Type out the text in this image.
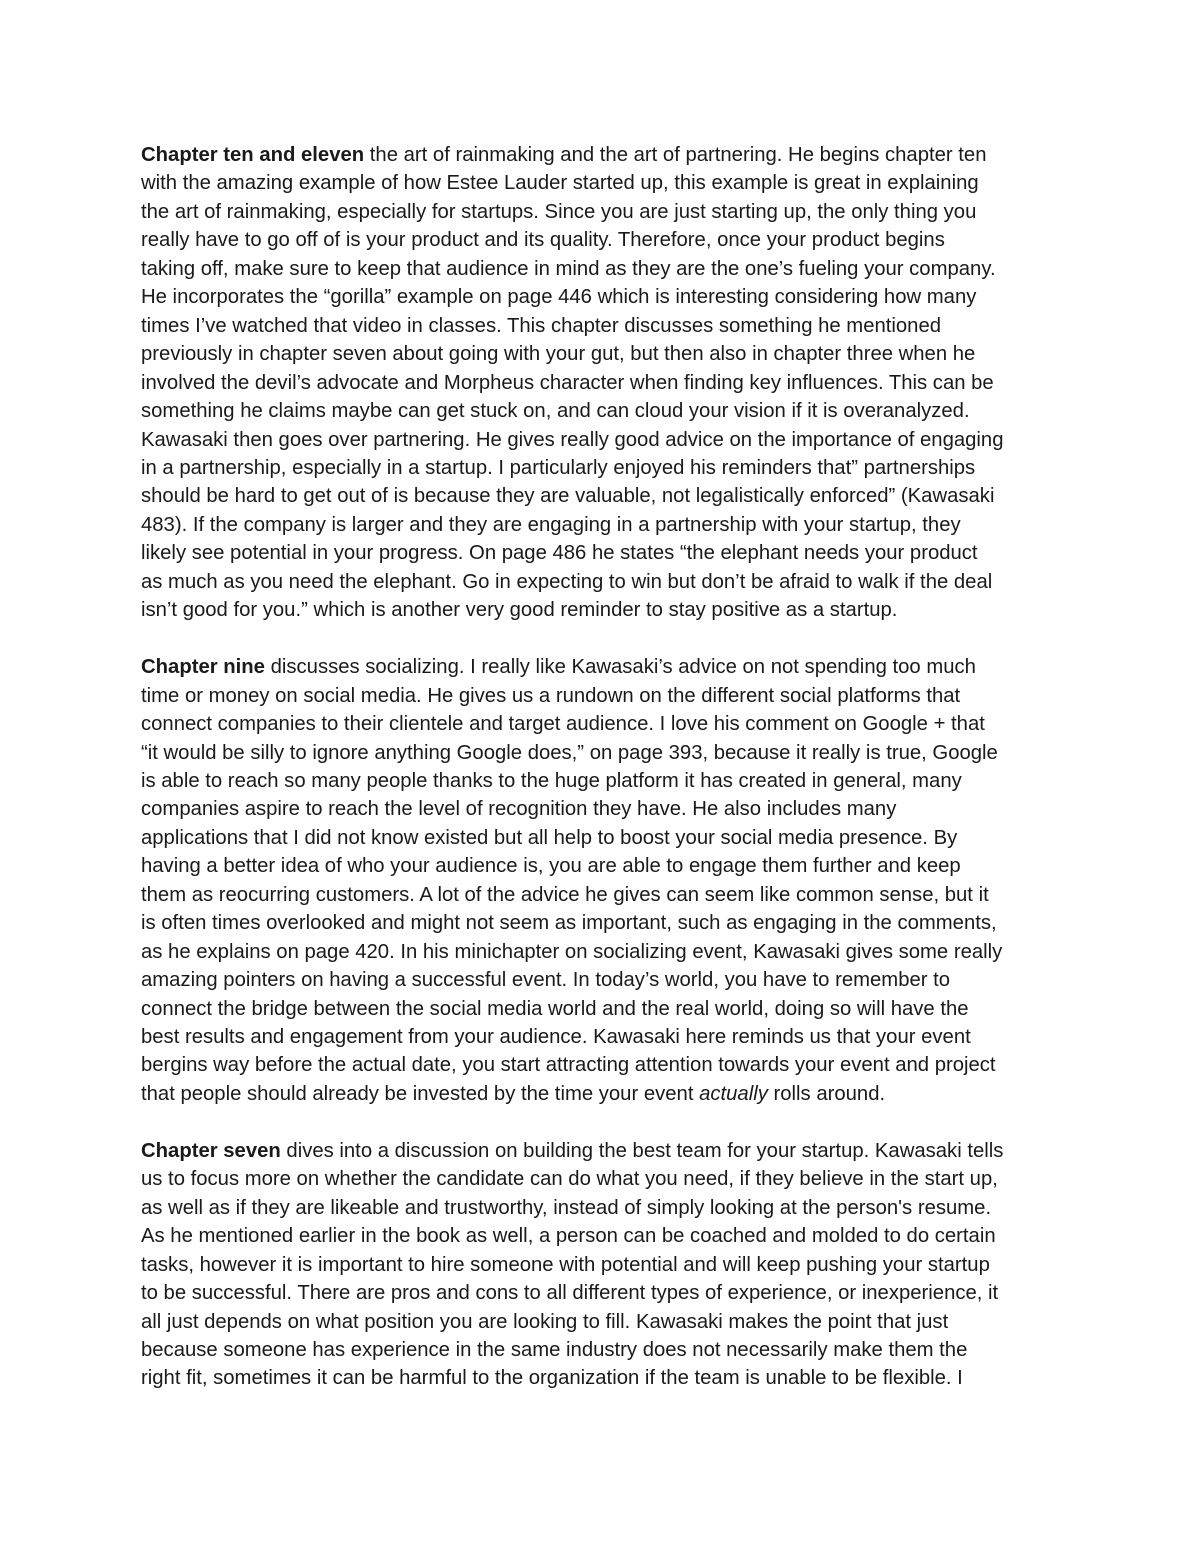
Chapter ten and eleven the art of rainmaking and the art of partnering. He begins chapter ten
with the amazing example of how Estee Lauder started up, this example is great in explaining
the art of rainmaking, especially for startups. Since you are just starting up, the only thing you
really have to go off of is your product and its quality. Therefore, once your product begins
taking off, make sure to keep that audience in mind as they are the one’s fueling your company.
He incorporates the “gorilla” example on page 446 which is interesting considering how many
times I’ve watched that video in classes. This chapter discusses something he mentioned
previously in chapter seven about going with your gut, but then also in chapter three when he
involved the devil’s advocate and Morpheus character when finding key influences. This can be
something he claims maybe can get stuck on, and can cloud your vision if it is overanalyzed.
Kawasaki then goes over partnering. He gives really good advice on the importance of engaging
in a partnership, especially in a startup. I particularly enjoyed his reminders that” partnerships
should be hard to get out of is because they are valuable, not legalistically enforced” (Kawasaki
483). If the company is larger and they are engaging in a partnership with your startup, they
likely see potential in your progress. On page 486 he states “the elephant needs your product
as much as you need the elephant. Go in expecting to win but don’t be afraid to walk if the deal
isn’t good for you.” which is another very good reminder to stay positive as a startup.

Chapter nine discusses socializing. I really like Kawasaki’s advice on not spending too much
time or money on social media. He gives us a rundown on the different social platforms that
connect companies to their clientele and target audience. I love his comment on Google + that
“it would be silly to ignore anything Google does,” on page 393, because it really is true, Google
is able to reach so many people thanks to the huge platform it has created in general, many
companies aspire to reach the level of recognition they have. He also includes many
applications that I did not know existed but all help to boost your social media presence. By
having a better idea of who your audience is, you are able to engage them further and keep
them as reocurring customers. A lot of the advice he gives can seem like common sense, but it
is often times overlooked and might not seem as important, such as engaging in the comments,
as he explains on page 420. In his minichapter on socializing event, Kawasaki gives some really
amazing pointers on having a successful event. In today’s world, you have to remember to
connect the bridge between the social media world and the real world, doing so will have the
best results and engagement from your audience. Kawasaki here reminds us that your event
bergins way before the actual date, you start attracting attention towards your event and project
that people should already be invested by the time your event actually rolls around.

Chapter seven dives into a discussion on building the best team for your startup. Kawasaki tells
us to focus more on whether the candidate can do what you need, if they believe in the start up,
as well as if they are likeable and trustworthy, instead of simply looking at the person's resume.
As he mentioned earlier in the book as well, a person can be coached and molded to do certain
tasks, however it is important to hire someone with potential and will keep pushing your startup
to be successful. There are pros and cons to all different types of experience, or inexperience, it
all just depends on what position you are looking to fill. Kawasaki makes the point that just
because someone has experience in the same industry does not necessarily make them the
right fit, sometimes it can be harmful to the organization if the team is unable to be flexible. I
